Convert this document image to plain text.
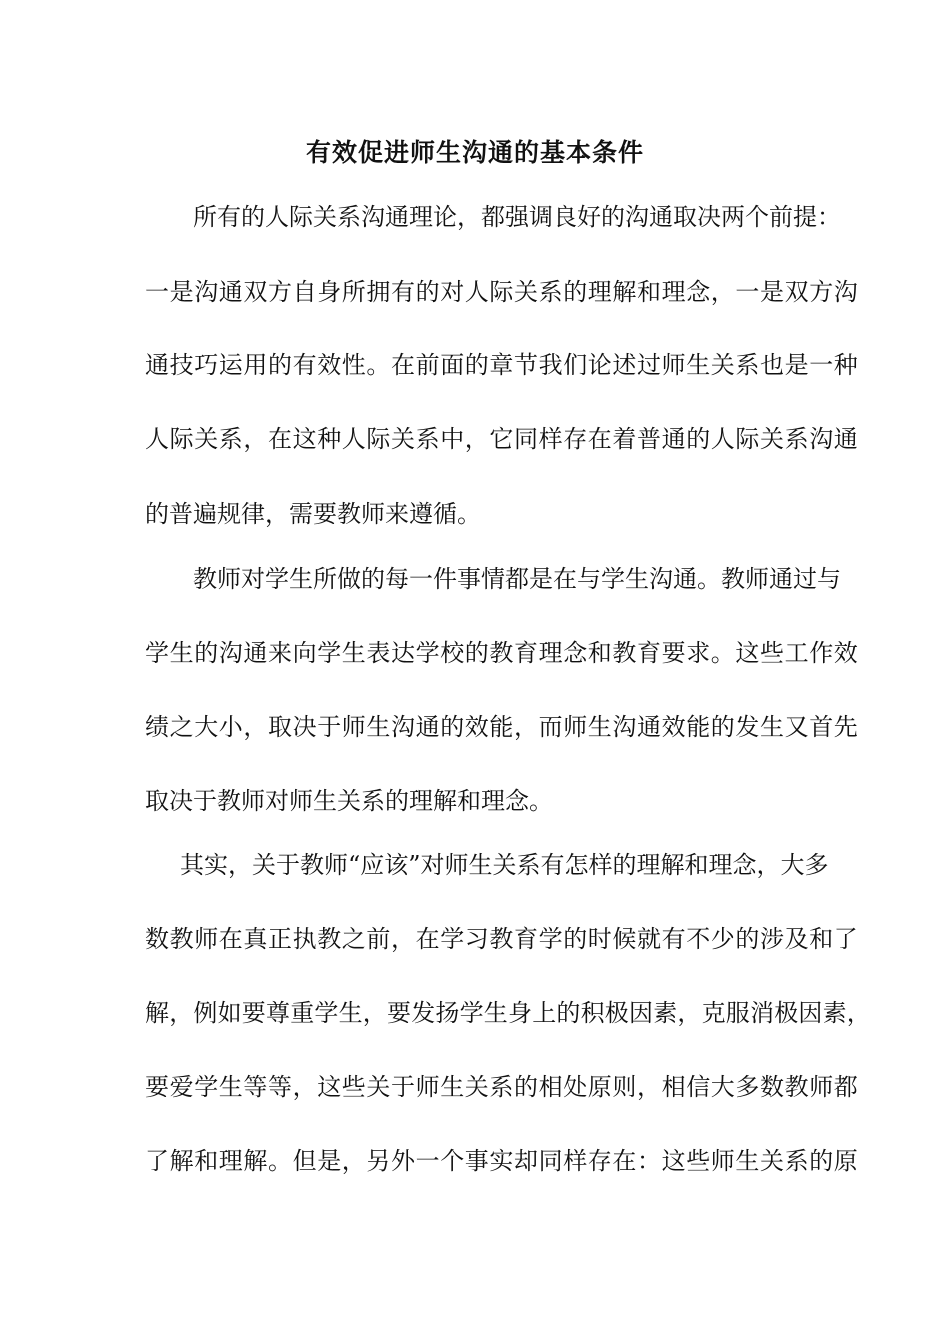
有效促进师生沟通的基本条件
所有的人际关系沟通理论，都强调良好的沟通取决两个前提：
一是沟通双方自身所拥有的对人际关系的理解和理念，一是双方沟
通技巧运用的有效性。在前面的章节我们论述过师生关系也是一种
人际关系，在这种人际关系中，它同样存在着普通的人际关系沟通
的普遍规律，需要教师来遵循。
教师对学生所做的每一件事情都是在与学生沟通。教师通过与
学生的沟通来向学生表达学校的教育理念和教育要求。这些工作效
绩之大小，取决于师生沟通的效能，而师生沟通效能的发生又首先
取决于教师对师生关系的理解和理念。
其实，关于教师“应该”对师生关系有怎样的理解和理念，大多
数教师在真正执教之前，在学习教育学的时候就有不少的涉及和了
解，例如要尊重学生，要发扬学生身上的积极因素，克服消极因素，
要爱学生等等，这些关于师生关系的相处原则，相信大多数教师都
了解和理解。但是，另外一个事实却同样存在：这些师生关系的原
